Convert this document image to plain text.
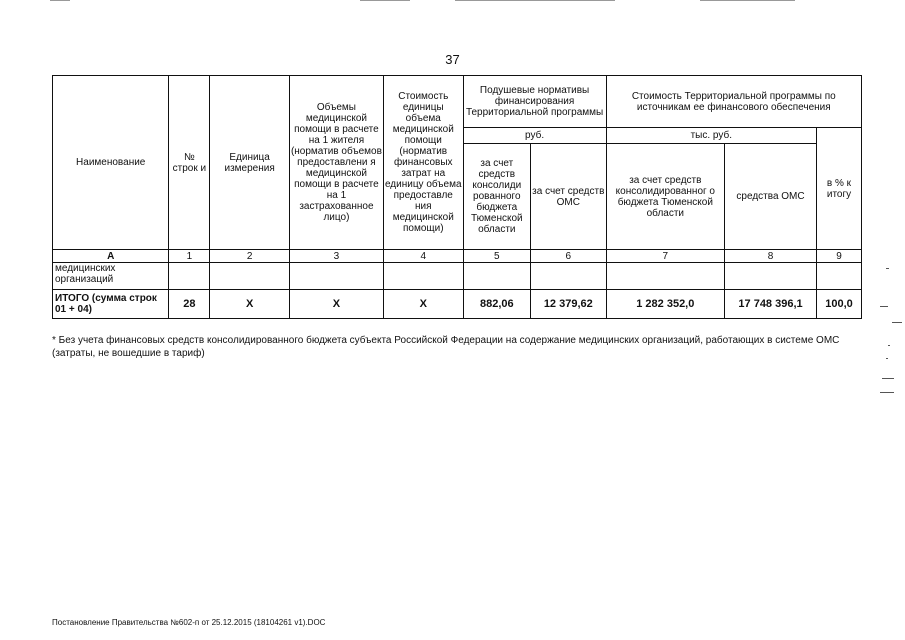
37
Наименование	№ строк и	Единица измерения	Объемы медицинской помощи в расчете на 1 жителя (норматив объемов предоставлени я медицинской помощи в расчете на 1 застрахованное лицо)	Стоимость единицы объема медицинской помощи (норматив финансовых затрат на единицу объема предоставле ния медицинской помощи)	Подушевые нормативы финансирования Территориальной программы		Стоимость Территориальной программы по источникам ее финансового обеспечения		
					руб.		тыс. руб.		в % к итогу
					за счет средств консолиди рованного бюджета Тюменской области	за счет средств ОМС	за счет средств консолидированног о бюджета Тюменской области	средства ОМС	
А	1	2	3	4	5	6	7	8	9
медицинских организаций									
ИТОГО (сумма строк 01 + 04)	28	X	X	X	882,06	12 379,62	1 282 352,0	17 748 396,1	100,0
* Без учета финансовых средств консолидированного бюджета субъекта Российской Федерации на содержание медицинских организаций, работающих в системе ОМС (затраты, не вошедшие в тариф)
Постановление Правительства №602-п от 25.12.2015 (18104261 v1).DOC
